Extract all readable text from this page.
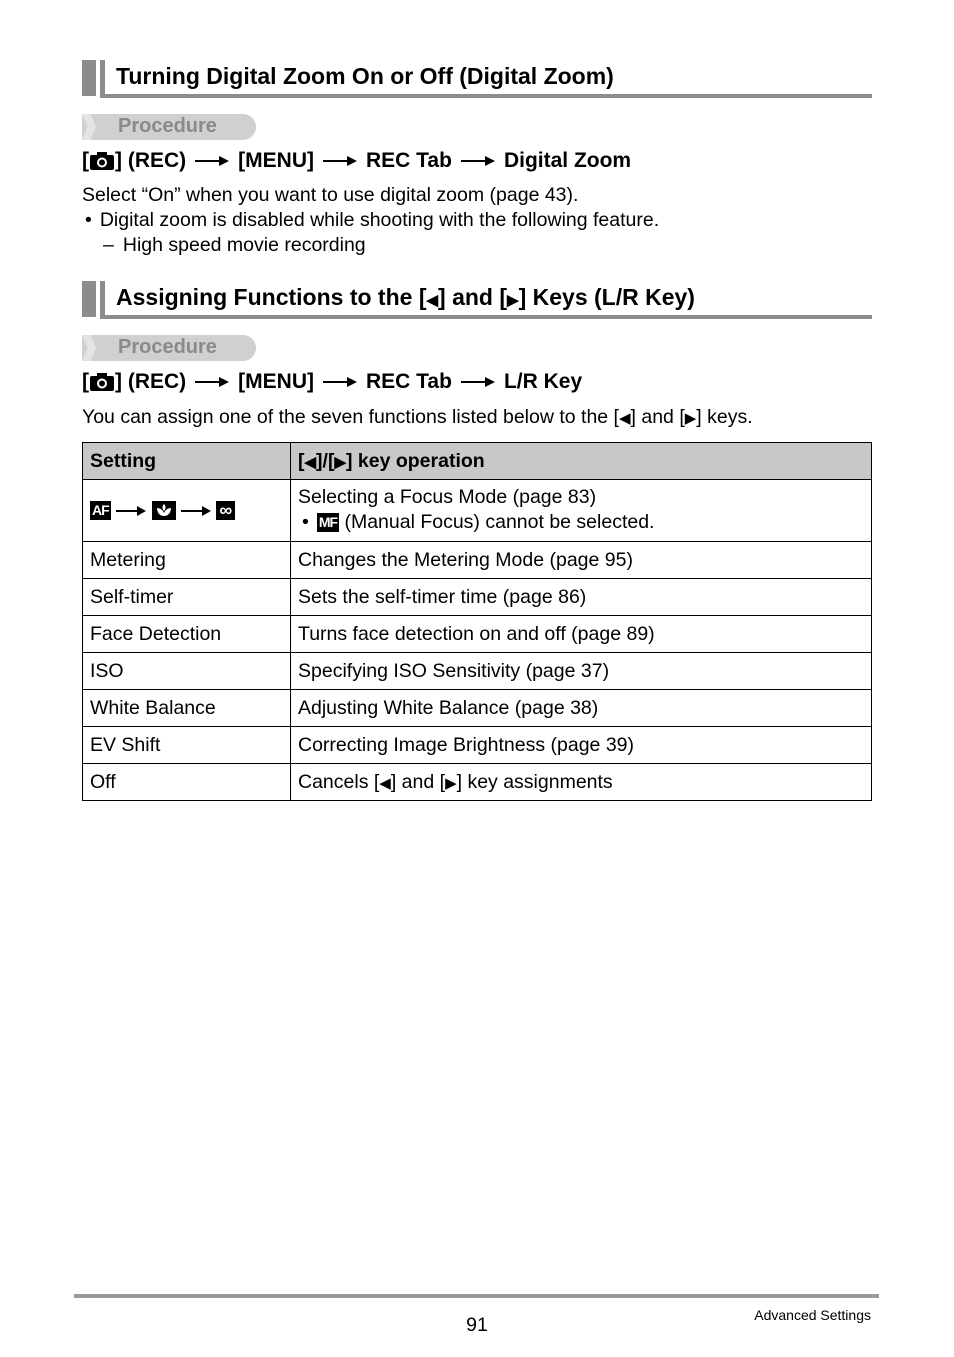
Turning Digital Zoom On or Off (Digital Zoom)
Procedure
[ ] (REC) [MENU] REC Tab Digital Zoom
Select “On” when you want to use digital zoom (page 43).
• Digital zoom is disabled while shooting with the following feature.
– High speed movie recording
Assigning Functions to the [◀] and [▶] Keys (L/R Key)
Procedure
[ ] (REC) [MENU] REC Tab L/R Key
You can assign one of the seven functions listed below to the [◀] and [▶] keys.
Setting	[◀]/[▶] key operation
AF ∞	Selecting a Focus Mode (page 83)
• MF (Manual Focus) cannot be selected.

Metering	Changes the Metering Mode (page 95)
Self-timer	Sets the self-timer time (page 86)
Face Detection	Turns face detection on and off (page 89)
ISO	Specifying ISO Sensitivity (page 37)
White Balance	Adjusting White Balance (page 38)
EV Shift	Correcting Image Brightness (page 39)
Off	Cancels [◀] and [▶] key assignments
91	Advanced Settings
